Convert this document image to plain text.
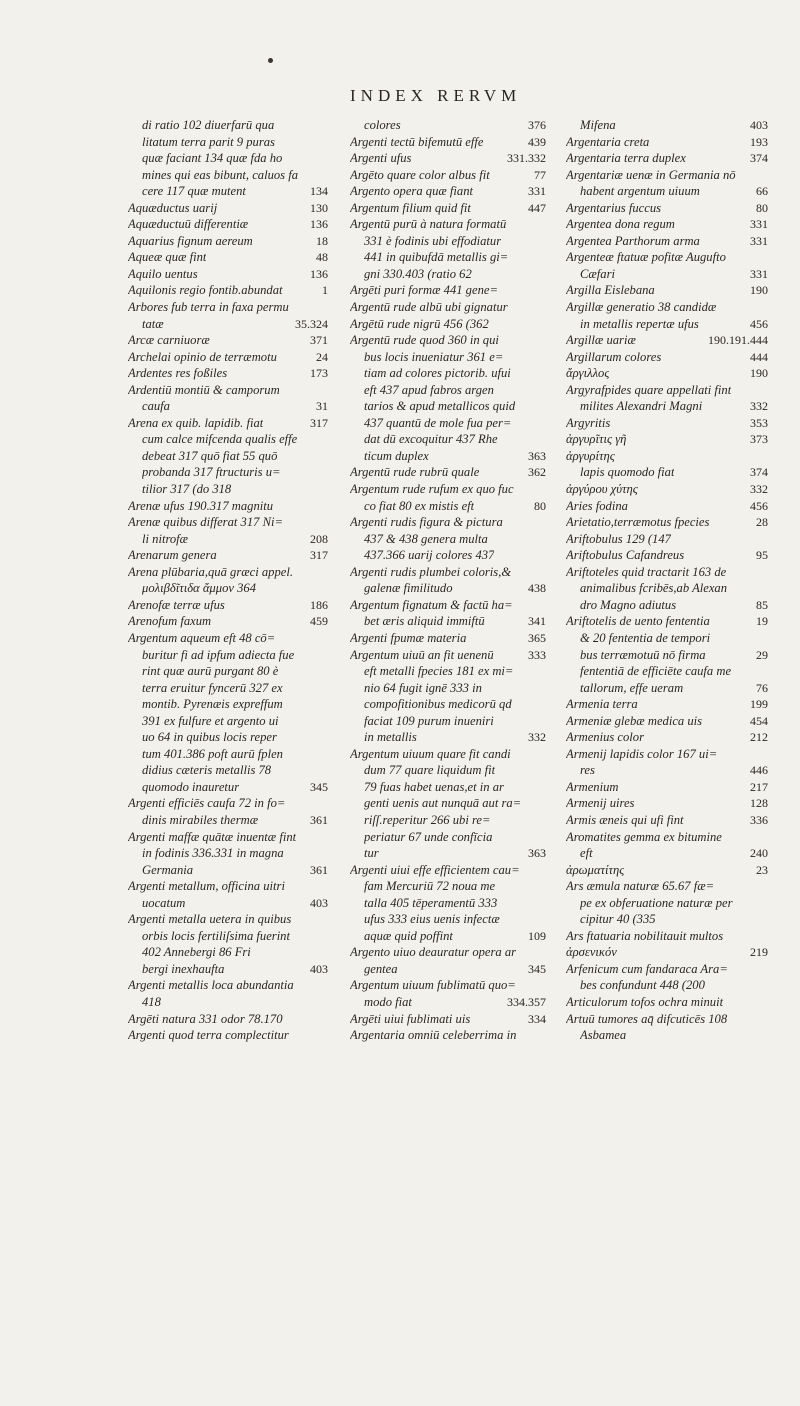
INDEX RERVM
di ratio 102 diuerfarū qua
litatum terra parit 9 puras
quæ faciant 134 quæ fda ho
mines qui eas bibunt, caluos fa
cere 117 quæ mutent	134
Aquæductus uarij	130
Aquæductuū differentiæ	136
Aquarius fignum aereum	18
Aqueæ quæ fint	48
Aquilo uentus	136
Aquilonis regio fontib.abundat	1
Arbores fub terra in faxa permu
tatæ	35.324
Arcæ carniuoræ	371
Archelai opinio de terræmotu	24
Ardentes res foßiles	173
Ardentiū montiū & camporum
caufa	31
Arena ex quib. lapidib. fiat	317
cum calce mifcenda qualis effe
debeat 317 quō fiat 55 quō
probanda 317 ftructuris u=
tilior 317 (do 318
Arenæ ufus 190.317 magnitu
Arenæ quibus differat 317 Ni=
li nitrofæ	208
Arenarum genera	317
Arena plūbaria,quā græci appel.
μολιβδῖτιδα ἄμμον 364
Arenofæ terræ ufus	186
Arenofum faxum	459
Argentum aqueum eft 48 cō=
buritur fi ad ipfum adiecta fue
rint quæ aurū purgant 80 è
terra eruitur fyncerū 327 ex
montib. Pyrenæis expreffum
391 ex fulfure et argento ui
uo 64 in quibus locis reper
tum 401.386 poft aurū fplen
didius cæteris metallis 78
quomodo inauretur	345
Argenti efficiēs caufa 72 in fo=
dinis mirabiles thermæ	361
Argenti maffæ quātæ inuentæ fint
in fodinis 336.331 in magna
Germania	361
Argenti metallum, officina uitri
uocatum	403
Argenti metalla uetera in quibus
orbis locis fertiliſsima fuerint
402 Annebergi 86 Fri
bergi inexhaufta	403
Argenti metallis loca abundantia
418
Argēti natura 331 odor 78.170
Argenti quod terra complectitur
colores	376
Argenti tectū bifemutū effe	439
Argenti ufus	331.332
Argēto quare color albus fit	77
Argento opera quæ fiant	331
Argentum filium quid fit	447
Argentū purū à natura formatū
331 è fodinis ubi effodiatur
441 in quibufdā metallis gi=
gni 330.403 (ratio 62
Argēti puri formæ 441 gene=
Argentū rude albū ubi gignatur
Argētū rude nigrū 456 (362
Argentū rude quod 360 in qui
bus locis inueniatur 361 e=
tiam ad colores pictorib. ufui
eft 437 apud fabros argen
tarios & apud metallicos quid
437 quantū de mole fua per=
dat dū excoquitur 437 Rhe
ticum duplex	363
Argentū rude rubrū quale	362
Argentum rude rufum ex quo fuc
co fiat 80 ex mistis eft	80
Argenti rudis figura & pictura
437 & 438 genera multa
437.366 uarij colores 437
Argenti rudis plumbei coloris,&
galenæ fimilitudo	438
Argentum fignatum & factū ha=
bet æris aliquid immiftū	341
Argenti fpumæ materia	365
Argentum uiuū an fit uenenū	333
eft metalli fpecies 181 ex mi=
nio 64 fugit ignē 333 in
compofitionibus medicorū qd
faciat 109 purum inueniri
in metallis	332
Argentum uiuum quare fit candi
dum 77 quare liquidum fit
79 fuas habet uenas,et in ar
genti uenis aut nunquā aut ra=
riſſ.reperitur 266 ubi re=
periatur 67 unde confīcia
tur	363
Argenti uiui effe efficientem cau=
fam Mercuriū 72 noua me
talla 405 tēperamentū 333
ufus 333 eius uenis infectæ
aquæ quid poffint	109
Argento uiuo deauratur opera ar
gentea	345
Argentum uiuum fublimatū quo=
modo fiat	334.357
Argēti uiui fublimati uis	334
Argentaria omniū celeberrima in
Mifena	403
Argentaria creta	193
Argentaria terra duplex	374
Argentariæ uenæ in Germania nō
habent argentum uiuum	66
Argentarius fuccus	80
Argentea dona regum	331
Argentea Parthorum arma	331
Argenteæ ftatuæ pofitæ Augufto
Cæfari	331
Argilla Eislebana	190
Argillæ generatio 38 candidæ
in metallis repertæ ufus	456
Argillæ uariæ	190.191.444
Argillarum colores	444
ἄργιλλος	190
Argyrafpides quare appellati fint
milites Alexandri Magni	332
Argyritis	353
ἀργυρῖτις γῆ	373
ἀργυρίτης
lapis quomodo fiat	374
ἀργύρου χύτης	332
Aries fodina	456
Arietatio,terræmotus fpecies	28
Ariftobulus 129 (147
Ariftobulus Cafandreus	95
Ariftoteles quid tractarit 163 de
animalibus fcribēs,ab Alexan
dro Magno adiutus	85
Ariftotelis de uento fententia	19
& 20 fententia de tempori
bus terræmotuū nō firma	29
fententiā de efficiēte caufa me
tallorum, effe ueram	76
Armenia terra	199
Armeniæ glebæ medica uis	454
Armenius color	212
Armenij lapidis color 167 ui=
res	446
Armenium	217
Armenij uires	128
Armis æneis qui ufi fint	336
Aromatites gemma ex bitumine
eft	240
ἀρωματίτης	23
Ars æmula naturæ 65.67 fæ=
pe ex obferuatione naturæ per
cipitur 40 (335
Ars ftatuaria nobilitauit multos
ἀρσενικόν	219
Arfenicum cum fandaraca Ara=
bes confundunt 448 (200
Articulorum tofos ochra minuit
Artuū tumores aq̄ difcuticēs 108
Asbamea
